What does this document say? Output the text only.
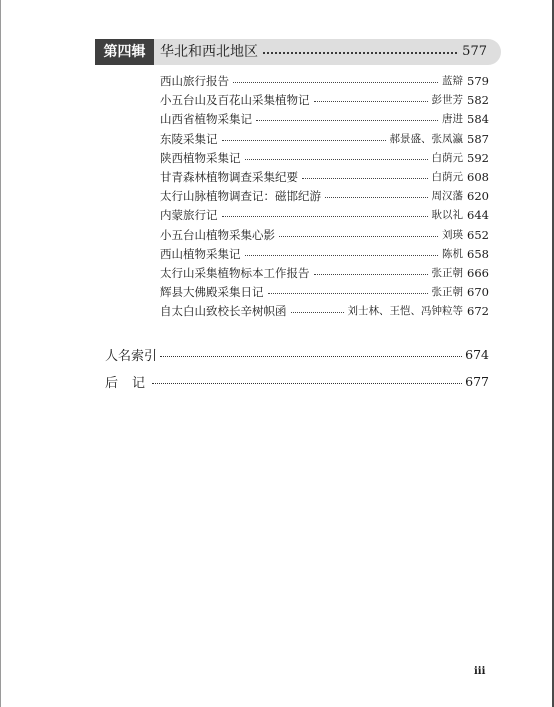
第四辑	华北和西北地区	577
西山旅行报告	蓝辯 579
小五台山及百花山采集植物记	彭世芳 582
山西省植物采集记	唐进 584
东陵采集记	郝景盛、张凤瀛 587
陕西植物采集记	白荫元 592
甘青森林植物调查采集纪要	白荫元 608
太行山脉植物调查记：磁邯纪游	周汉藩 620
内蒙旅行记	耿以礼 644
小五台山植物采集心影	刘瑛 652
西山植物采集记	陈机 658
太行山采集植物标本工作报告	张正朝 666
辉县大佛殿采集日记	张正朝 670
自太白山致校长辛树帜函	刘士林、王恺、冯钟粒等 672
人名索引	674
后记	677
iii
